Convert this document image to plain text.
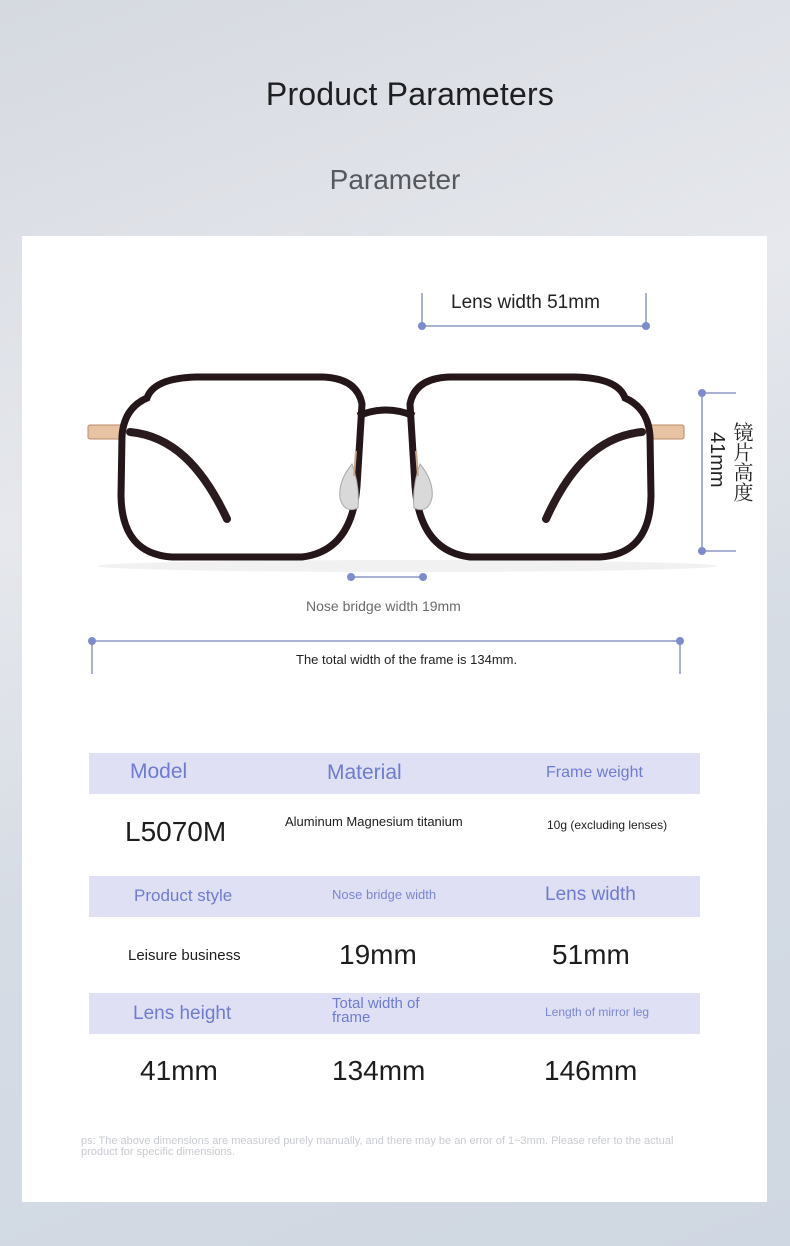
Product Parameters
Parameter
Lens width 51mm
镜片高度
41mm
Nose bridge width 19mm
The total width of the frame is 134mm.
Model	Material	Frame weight
L5070M	Aluminum Magnesium titanium	10g (excluding lenses)
Product style	Nose bridge width	Lens width
Leisure business	19mm	51mm
Lens height	Total width of frame	Length of mirror leg
41mm	134mm	146mm
ps: The above dimensions are measured purely manually, and there may be an error of 1~3mm. Please refer to the actual product for specific dimensions.
